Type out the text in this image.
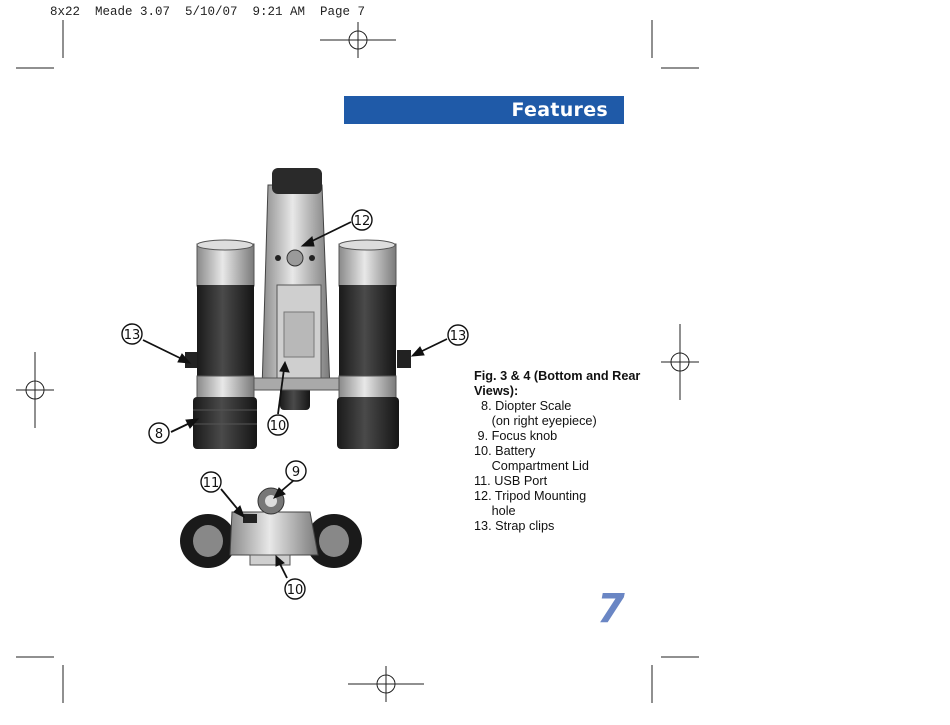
8x22  Meade 3.07  5/10/07  9:21 AM  Page 7
Features
12
13	13
8
10
11
9
10
Fig. 3 & 4 (Bottom and Rear Views):
8. Diopter Scale
(on right eyepiece)
9. Focus knob
10. Battery
Compartment Lid
11. USB Port
12. Tripod Mounting
hole
13. Strap clips
7
